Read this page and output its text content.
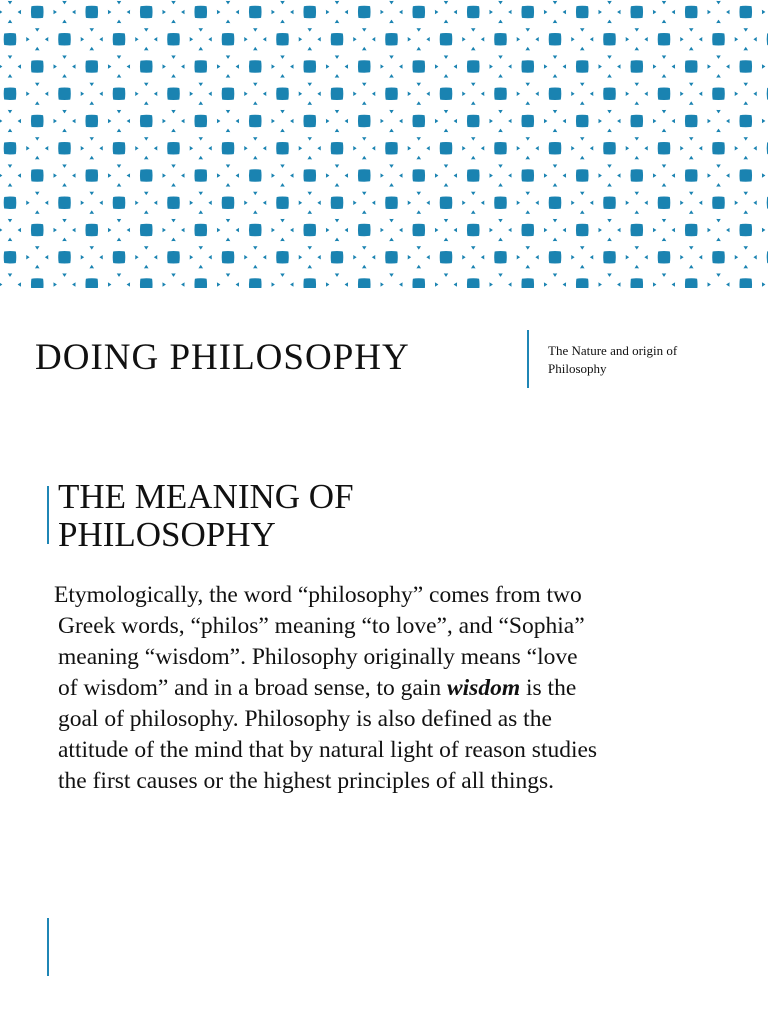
DOING PHILOSOPHY	The Nature and origin of Philosophy
THE MEANING OF
PHILOSOPHY
Etymologically, the word “philosophy” comes from two
Greek words, “philos” meaning “to love”, and “Sophia”
meaning “wisdom”. Philosophy originally means “love
of wisdom” and in a broad sense, to gain wisdom is the
goal of philosophy. Philosophy is also defined as the
attitude of the mind that by natural light of reason studies
the first causes or the highest principles of all things.
